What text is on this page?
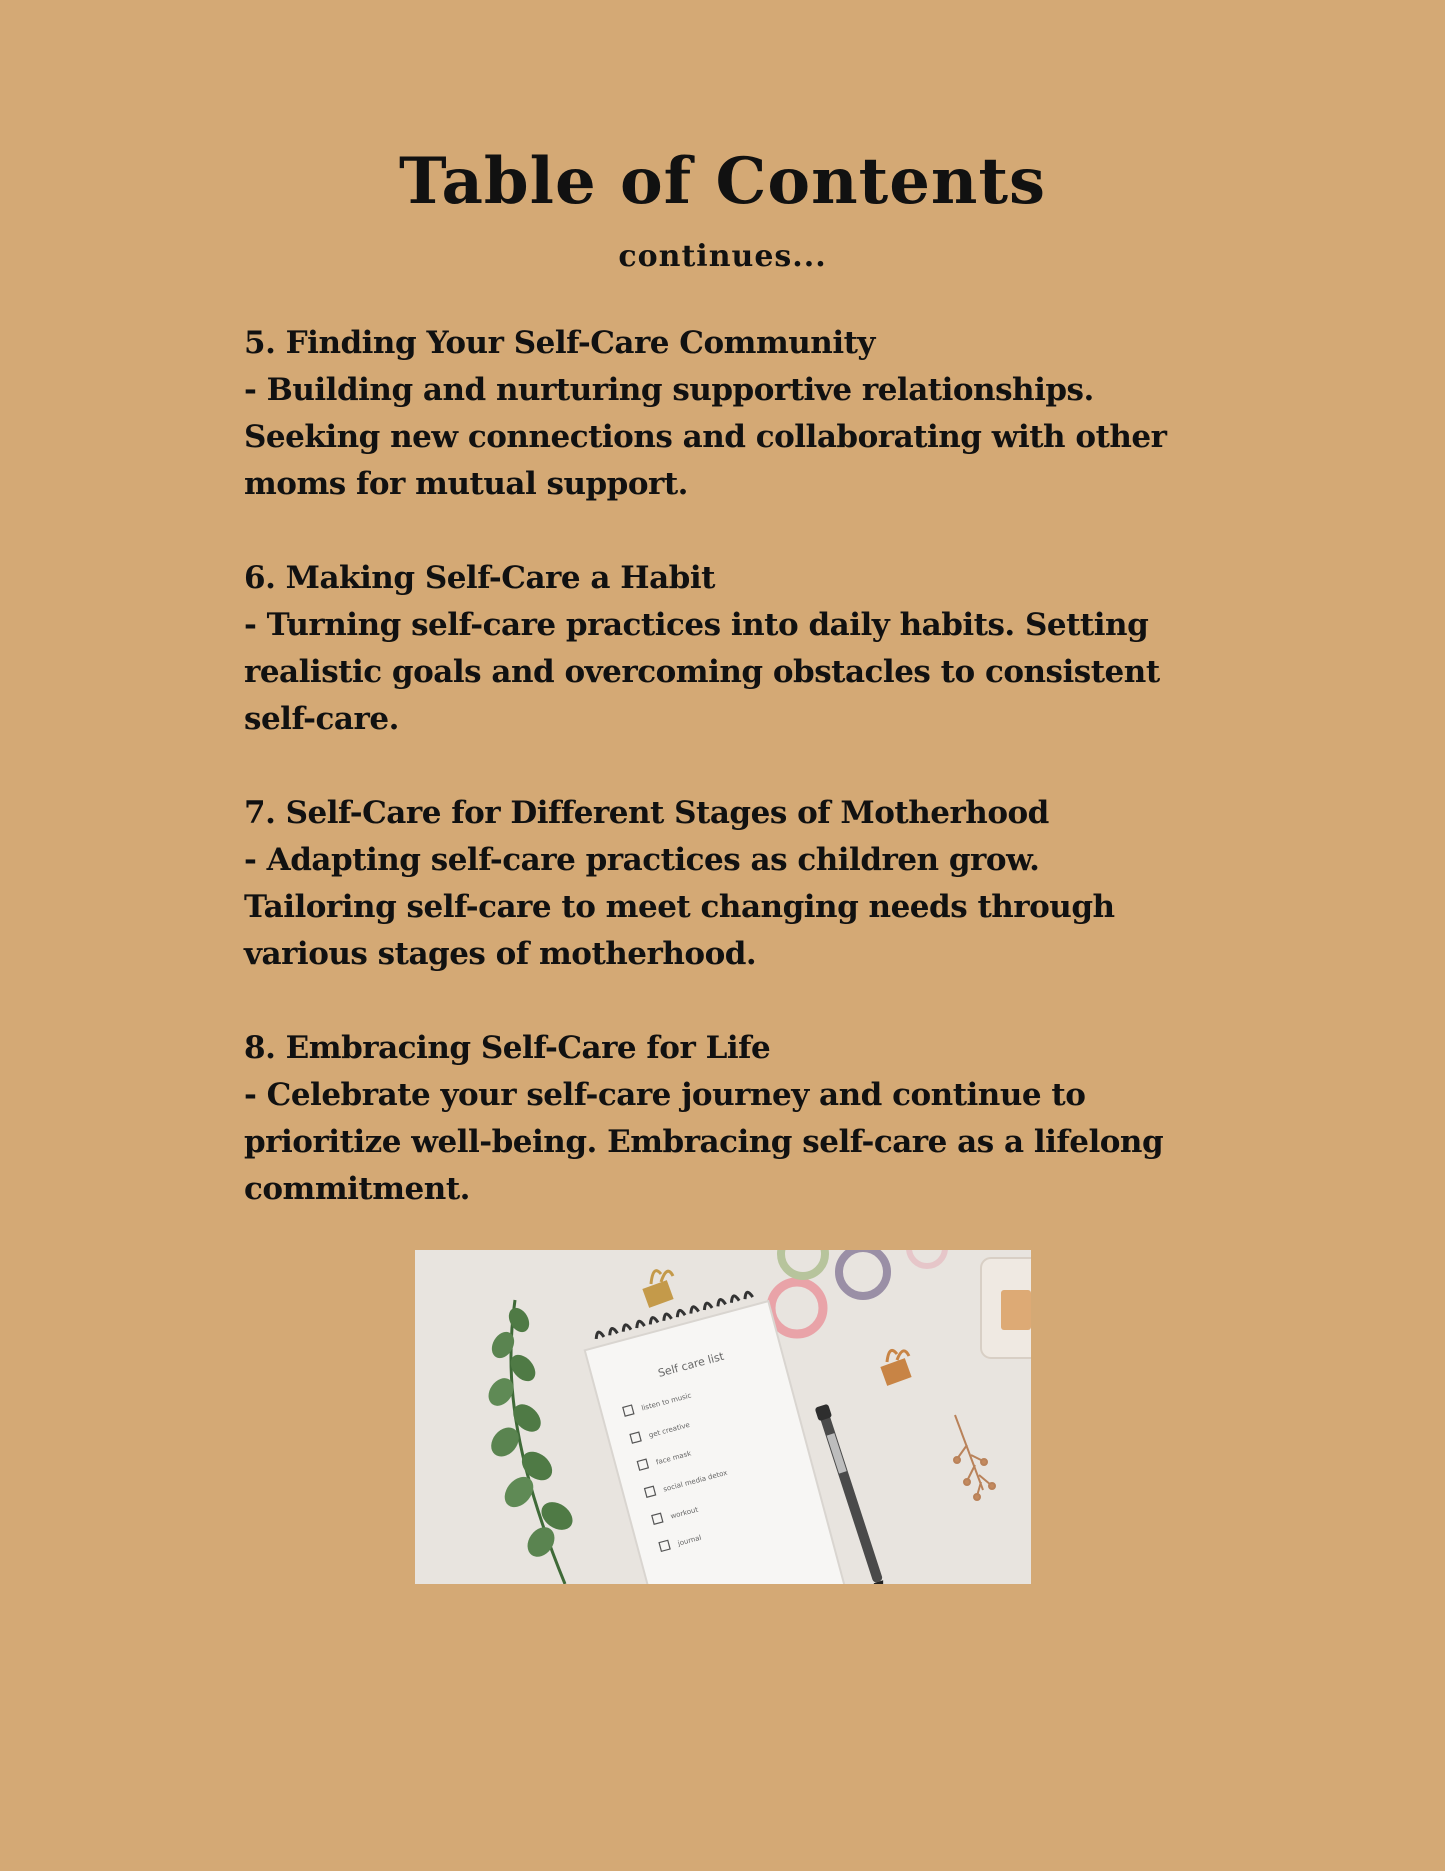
Table of Contents
continues...
5. Finding Your Self-Care Community
- Building and nurturing supportive relationships. Seeking new connections and collaborating with other moms for mutual support.
6. Making Self-Care a Habit
- Turning self-care practices into daily habits. Setting realistic goals and overcoming obstacles to consistent self-care.
7. Self-Care for Different Stages of Motherhood
- Adapting self-care practices as children grow. Tailoring self-care to meet changing needs through various stages of motherhood.
8. Embracing Self-Care for Life
- Celebrate your self-care journey and continue to prioritize well-being. Embracing self-care as a lifelong commitment.
Self care list
listen to music
get creative
face mask
social media detox
workout
journal
